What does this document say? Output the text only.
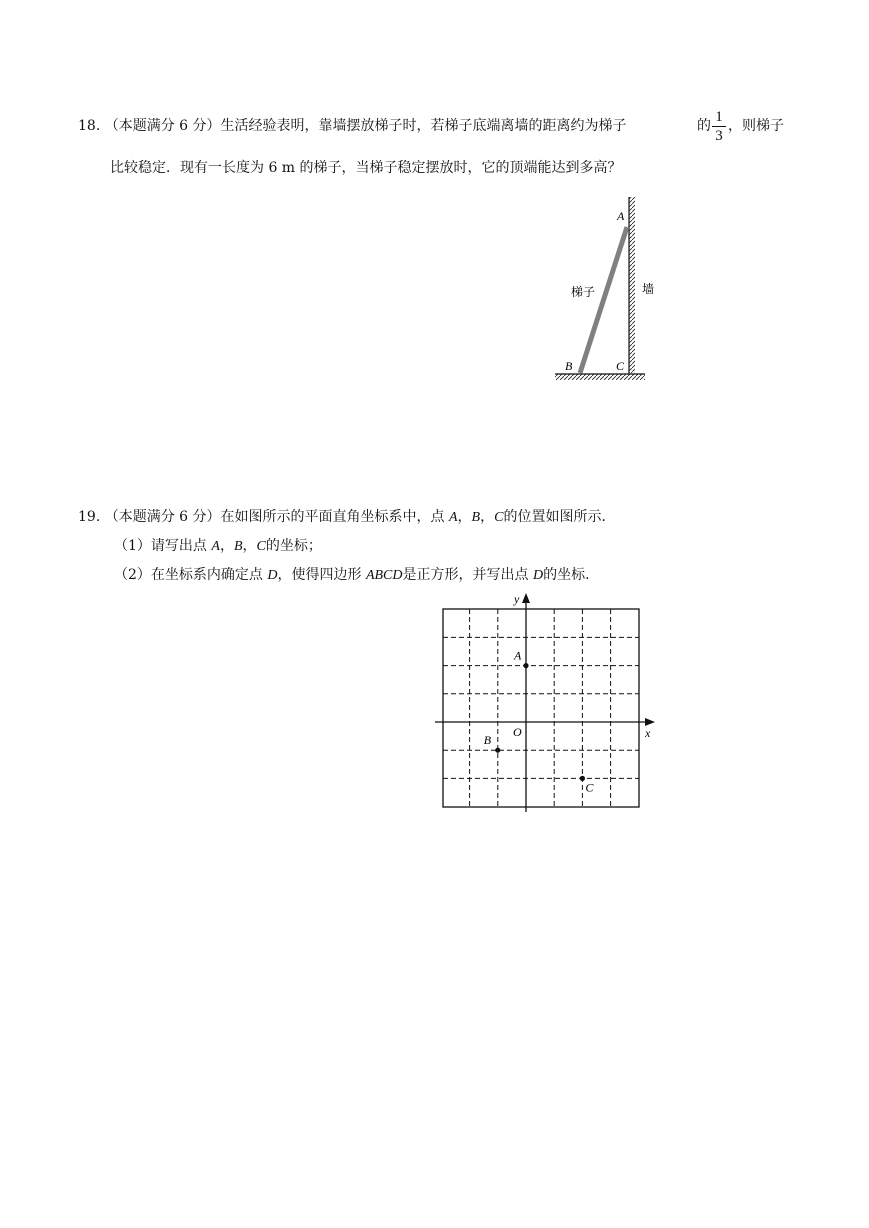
18. （本题满分 6 分）生活经验表明，靠墙摆放梯子时，若梯子底端离墙的距离约为梯子	的
1
3
，则梯子
比较稳定．现有一长度为 6 m 的梯子，当梯子稳定摆放时，它的顶端能达到多高？
A
B	C
梯子	墙
19. （本题满分 6 分）在如图所示的平面直角坐标系中，点 A，B，C的位置如图所示．
（1）请写出点 A，B，C的坐标；
（2）在坐标系内确定点 D，使得四边形 ABCD是正方形，并写出点 D的坐标．
x
y
O
A
B
C
